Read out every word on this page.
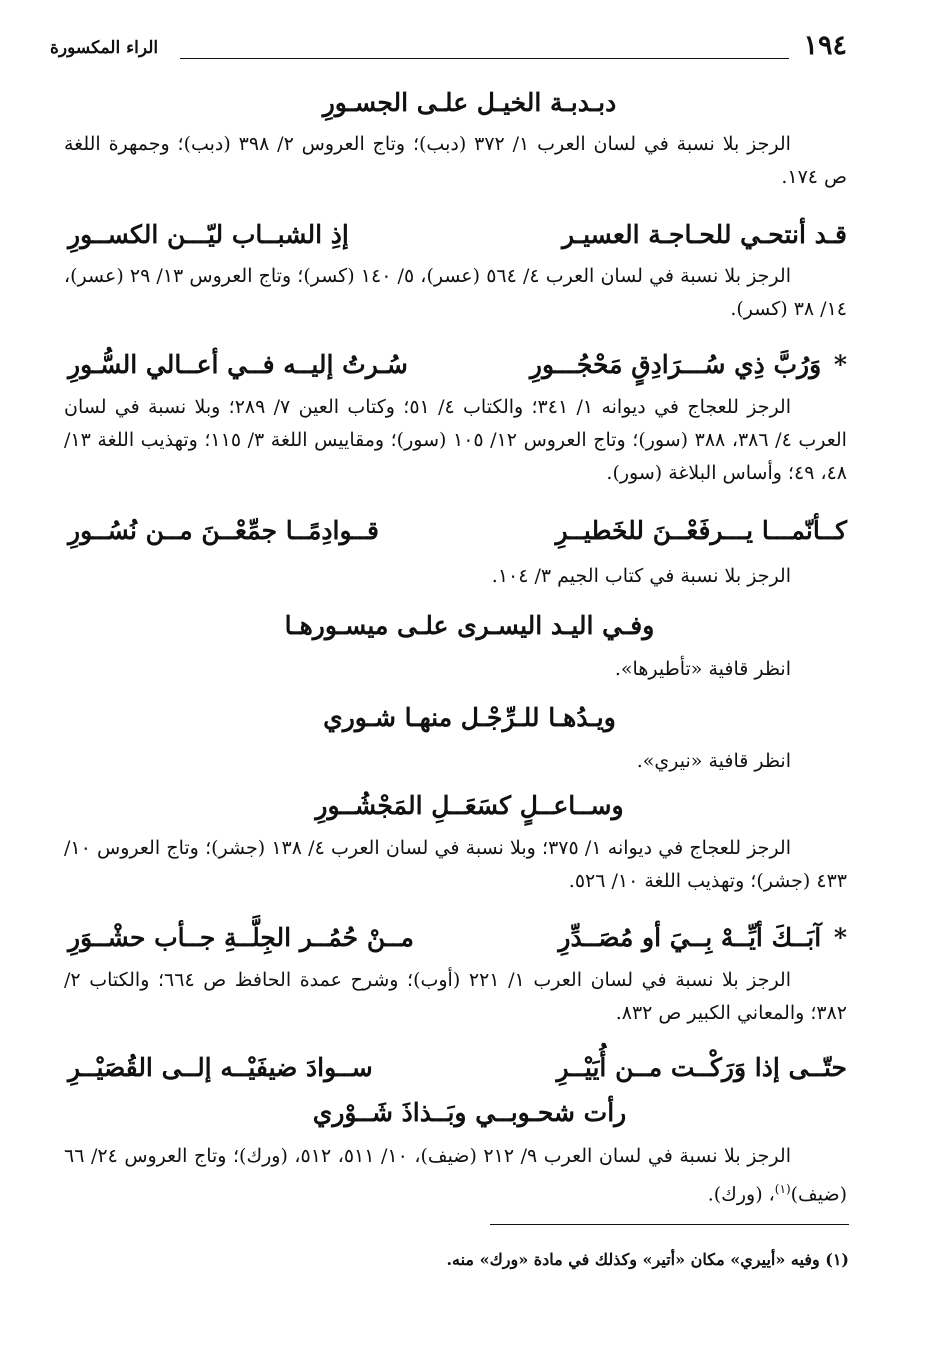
١٩٤
الراء المكسورة
دبـدبـة الخيـل علـى الجسـورِ

الرجز بلا نسبة في لسان العرب ١/ ٣٧٢ (دبب)؛ وتاج العروس ٢/ ٣٩٨ (دبب)؛ وجمهرة اللغة ص ١٧٤.

قـد أنتحـي للحـاجـة العسيـر
إذِ الشبــاب ليّـــن الكســورِ

الرجز بلا نسبة في لسان العرب ٤/ ٥٦٤ (عسر)، ٥/ ١٤٠ (كسر)؛ وتاج العروس ١٣/ ٢٩ (عسر)، ١٤/ ٣٨ (كسر).

* وَرُبَّ ذِي سُـــرَادِقٍ مَحْجُـــورِ
سُـرتُ إليــه فــي أعــالي السُّـورِ

الرجز للعجاج في ديوانه ١/ ٣٤١؛ والكتاب ٤/ ٥١؛ وكتاب العين ٧/ ٢٨٩؛ وبلا نسبة في لسان العرب ٤/ ٣٨٦، ٣٨٨ (سور)؛ وتاج العروس ١٢/ ١٠٥ (سور)؛ ومقاييس اللغة ٣/ ١١٥؛ وتهذيب اللغة ١٣/ ٤٨، ٤٩؛ وأساس البلاغة (سور).

كــأنّمـــا يـــرفَعْــنَ للخَطيــرِ
قــوادِمًــا جمِّعْــنَ مــن نُسُــورِ

الرجز بلا نسبة في كتاب الجيم ٣/ ١٠٤.

وفـي اليـد اليسـرى علـى ميسـورهـا

انظر قافية «تأطيرها».

ويـدُهـا للـرِّجْـل منهـا شـوري

انظر قافية «نيري».

وســاعــلٍ كسَعَــلِ المَجْشُــورِ

الرجز للعجاج في ديوانه ١/ ٣٧٥؛ وبلا نسبة في لسان العرب ٤/ ١٣٨ (جشر)؛ وتاج العروس ١٠/ ٤٣٣ (جشر)؛ وتهذيب اللغة ١٠/ ٥٢٦.

* آبَــكَ أيِّــهْ بِــيَ أو مُصَــدِّرِ
مــنْ حُمُــر الجِلَّــةِ جــأب حشْــوَرِ

الرجز بلا نسبة في لسان العرب ١/ ٢٢١ (أوب)؛ وشرح عمدة الحافظ ص ٦٦٤؛ والكتاب ٢/ ٣٨٢؛ والمعاني الكبير ص ٨٣٢.

حتّــى إذا وَرَكْــت مــن أُيَيْــرِ
ســوادَ ضيفَيْــه إلــى القُصَيْــرِ
رأت شحـوبــي وبَــذاذَ شَــوْري

الرجز بلا نسبة في لسان العرب ٩/ ٢١٢ (ضيف)، ١٠/ ٥١١، ٥١٢، (ورك)؛ وتاج العروس ٢٤/ ٦٦ (ضيف)$^{(١)}$، (ورك).

(١) وفيه «أييري» مكان «أتير» وكذلك في مادة «ورك» منه.
